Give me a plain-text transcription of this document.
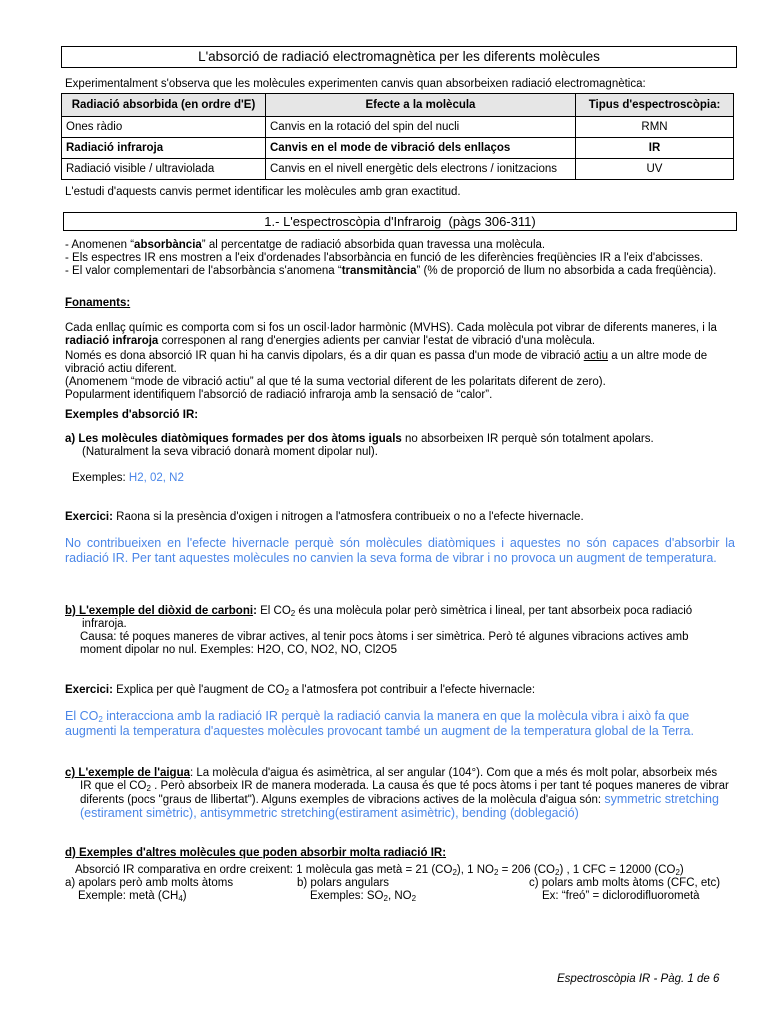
L'absorció de radiació electromagnètica per les diferents molècules
Experimentalment s'observa que les molècules experimenten canvis quan absorbeixen radiació electromagnètica:
Radiació absorbida (en ordre d'E)	Efecte a la molècula	Tipus d'espectroscòpia:
Ones ràdio	Canvis en la rotació del spin del nucli	RMN
Radiació infraroja	Canvis en el mode de vibració dels enllaços	IR
Radiació visible / ultraviolada	Canvis en el nivell energètic dels electrons / ionitzacions	UV
L'estudi d'aquests canvis permet identificar les molècules amb gran exactitud.
1.- L'espectroscòpia d'Infraroig (pàgs 306-311)
- Anomenen “absorbància” al percentatge de radiació absorbida quan travessa una molècula.
- Els espectres IR ens mostren a l'eix d'ordenades l'absorbància en funció de les diferències freqüències IR a l'eix d'abcisses.
- El valor complementari de l'absorbància s'anomena “transmitància” (% de proporció de llum no absorbida a cada freqüència).
Fonaments:
Cada enllaç químic es comporta com si fos un oscil·lador harmònic (MVHS). Cada molècula pot vibrar de diferents maneres, i la
radiació infraroja corresponen al rang d'energies adients per canviar l'estat de vibració d'una molècula.
Només es dona absorció IR quan hi ha canvis dipolars, és a dir quan es passa d'un mode de vibració actiu a un altre mode de
vibració actiu diferent.
(Anomenem “mode de vibració actiu” al que té la suma vectorial diferent de les polaritats diferent de zero).
Popularment identifiquem l'absorció de radiació infraroja amb la sensació de “calor”.
Exemples d'absorció IR:
a) Les molècules diatòmiques formades per dos àtoms iguals no absorbeixen IR perquè són totalment apolars.
(Naturalment la seva vibració donarà moment dipolar nul).
Exemples: H2, 02, N2
Exercici: Raona si la presència d'oxigen i nitrogen a l'atmosfera contribueix o no a l'efecte hivernacle.
No contribueixen en l'efecte hivernacle perquè són molècules diatòmiques i aquestes no són capaces d'absorbir la radiació IR. Per tant aquestes molècules no canvien la seva forma de vibrar i no provoca un augment de temperatura.
b) L'exemple del diòxid de carboni: El $CO_2$ és una molècula polar però simètrica i lineal, per tant absorbeix poca radiació
infraroja.
Causa: té poques maneres de vibrar actives, al tenir pocs àtoms i ser simètrica. Però té algunes vibracions actives amb
moment dipolar no nul. Exemples: H2O, CO, NO2, NO, Cl2O5
Exercici: Explica per què l'augment de $CO_2$ a l'atmosfera pot contribuir a l'efecte hivernacle:
El $CO_2$ interacciona amb la radiació IR perquè la radiació canvia la manera en que la molècula vibra i això fa que
augmenti la temperatura d'aquestes molècules provocant també un augment de la temperatura global de la Terra.
c) L'exemple de l'aigua: La molècula d'aigua és asimètrica, al ser angular (104°). Com que a més és molt polar, absorbeix més
IR que el $CO_2$ . Però absorbeix IR de manera moderada. La causa és que té pocs àtoms i per tant té poques maneres de vibrar
diferents (pocs "graus de llibertat"). Alguns exemples de vibracions actives de la molècula d'aigua són: symmetric stretching
(estirament simètric), antisymmetric stretching(estirament asimètric), bending (doblegació)
d) Exemples d'altres molècules que poden absorbir molta radiació IR:
Absorció IR comparativa en ordre creixent: 1 molècula gas metà = 21 $(CO_2)$, 1 $NO_2 = 206$ $(CO_2)$ , 1 CFC = 12000 $(CO_2)$
a) apolars però amb molts àtoms	b) polars angulars	c) polars amb molts àtoms (CFC, etc)
Exemple: metà $(CH_4)$	Exemples: $SO_2$, $NO_2$	Ex: “freó” = diclorodifluorometà
Espectroscòpia IR - Pàg. 1 de 6
